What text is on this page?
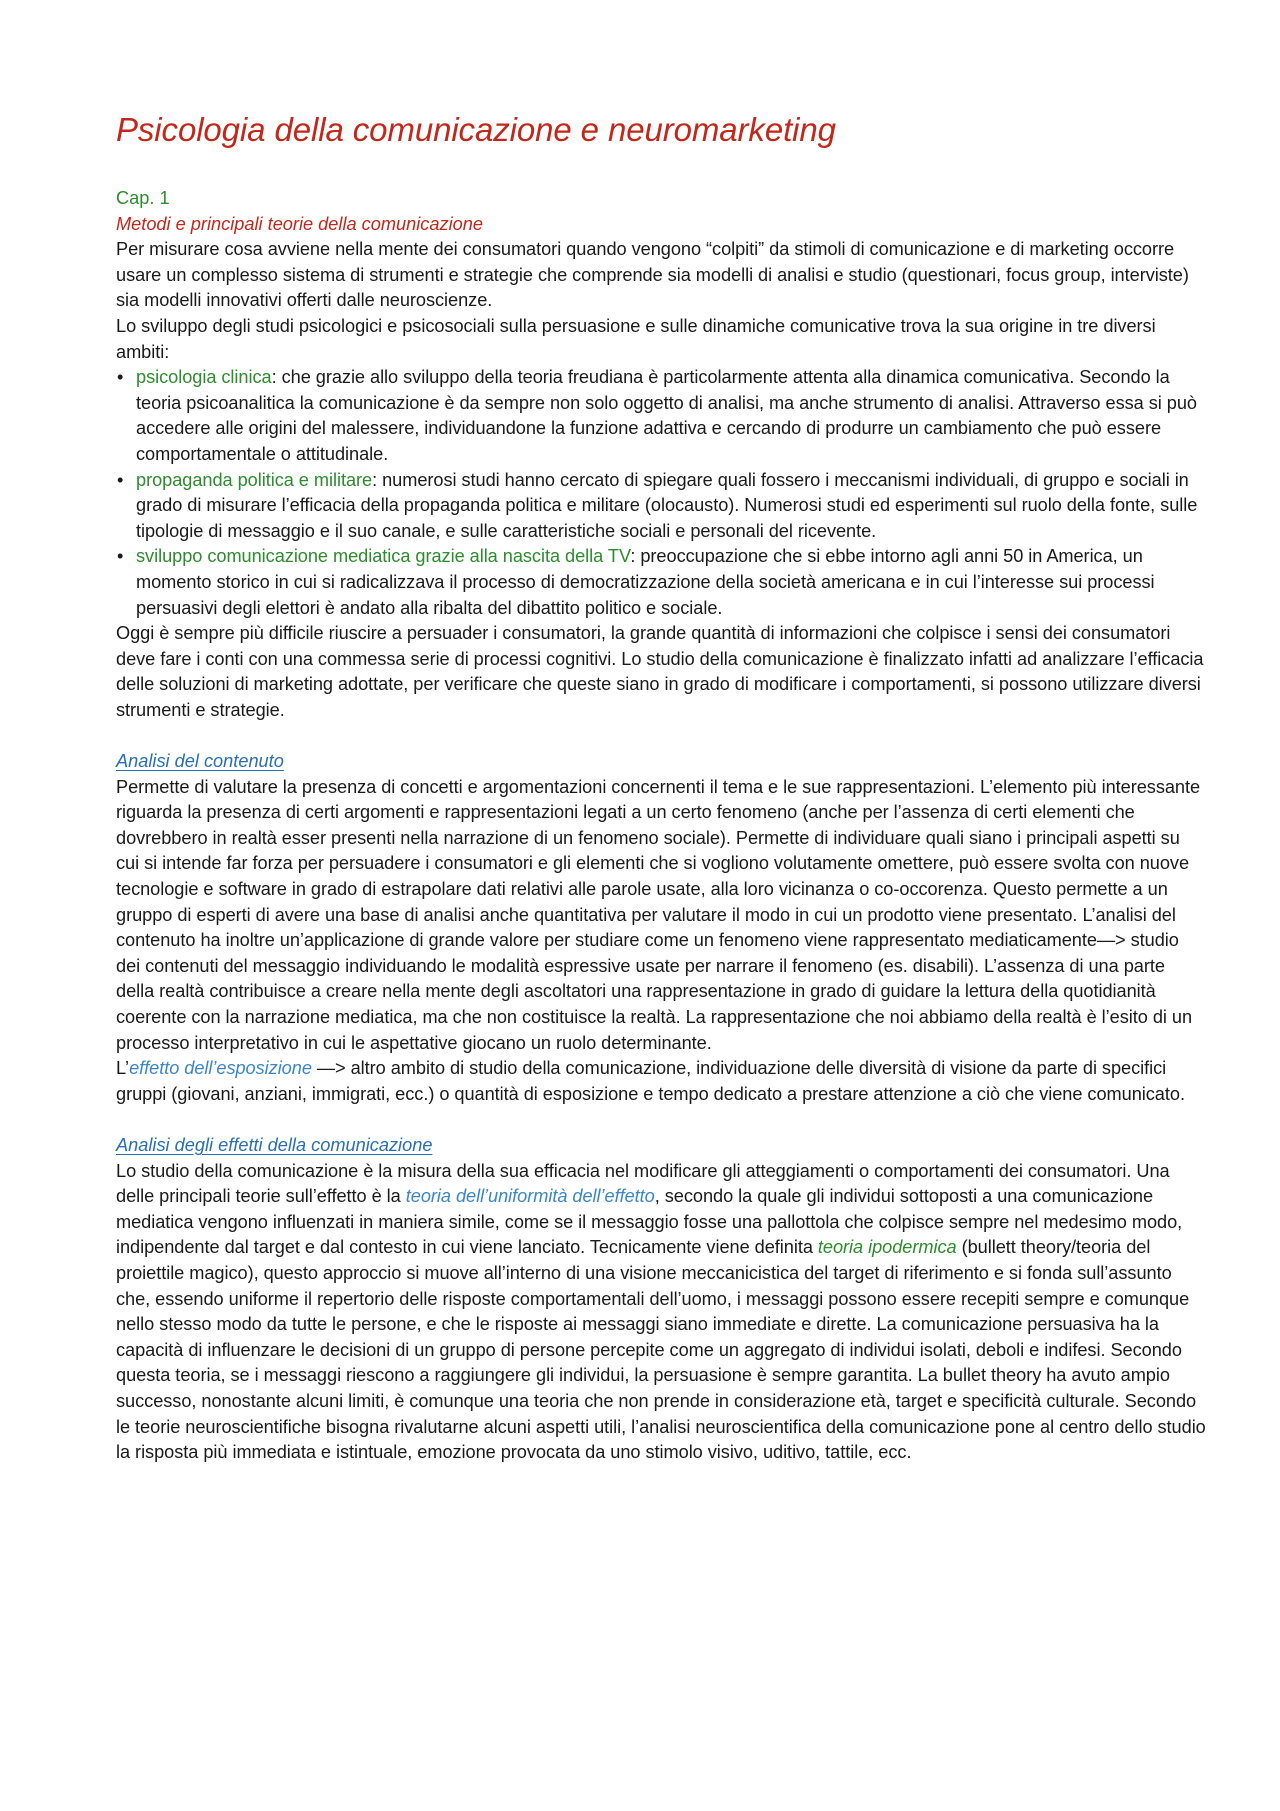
Psicologia della comunicazione e neuromarketing
Cap. 1
Metodi e principali teorie della comunicazione

Per misurare cosa avviene nella mente dei consumatori quando vengono “colpiti” da stimoli di comunicazione e di marketing occorre usare un complesso sistema di strumenti e strategie che comprende sia modelli di analisi e studio (questionari, focus group, interviste) sia modelli innovativi offerti dalle neuroscienze.

Lo sviluppo degli studi psicologici e psicosociali sulla persuasione e sulle dinamiche comunicative trova la sua origine in tre diversi ambiti:

• psicologia clinica: che grazie allo sviluppo della teoria freudiana è particolarmente attenta alla dinamica comunicativa. Secondo la teoria psicoanalitica la comunicazione è da sempre non solo oggetto di analisi, ma anche strumento di analisi. Attraverso essa si può accedere alle origini del malessere, individuandone la funzione adattiva e cercando di produrre un cambiamento che può essere comportamentale o attitudinale.
• propaganda politica e militare: numerosi studi hanno cercato di spiegare quali fossero i meccanismi individuali, di gruppo e sociali in grado di misurare l’efficacia della propaganda politica e militare (olocausto). Numerosi studi ed esperimenti sul ruolo della fonte, sulle tipologie di messaggio e il suo canale, e sulle caratteristiche sociali e personali del ricevente.
• sviluppo comunicazione mediatica grazie alla nascita della TV: preoccupazione che si ebbe intorno agli anni 50 in America, un momento storico in cui si radicalizzava il processo di democratizzazione della società americana e in cui l’interesse sui processi persuasivi degli elettori è andato alla ribalta del dibattito politico e sociale.

Oggi è sempre più difficile riuscire a persuader i consumatori, la grande quantità di informazioni che colpisce i sensi dei consumatori deve fare i conti con una commessa serie di processi cognitivi. Lo studio della comunicazione è finalizzato infatti ad analizzare l’efficacia delle soluzioni di marketing adottate, per verificare che queste siano in grado di modificare i comportamenti, si possono utilizzare diversi strumenti e strategie.

Analisi del contenuto

Permette di valutare la presenza di concetti e argomentazioni concernenti il tema e le sue rappresentazioni. L’elemento più interessante riguarda la presenza di certi argomenti e rappresentazioni legati a un certo fenomeno (anche per l’assenza di certi elementi che dovrebbero in realtà esser presenti nella narrazione di un fenomeno sociale). Permette di individuare quali siano i principali aspetti su cui si intende far forza per persuadere i consumatori e gli elementi che si vogliono volutamente omettere, può essere svolta con nuove tecnologie e software in grado di estrapolare dati relativi alle parole usate, alla loro vicinanza o co-occorenza. Questo permette a un gruppo di esperti di avere una base di analisi anche quantitativa per valutare il modo in cui un prodotto viene presentato. L’analisi del contenuto ha inoltre un’applicazione di grande valore per studiare come un fenomeno viene rappresentato mediaticamente—> studio dei contenuti del messaggio individuando le modalità espressive usate per narrare il fenomeno (es. disabili). L’assenza di una parte della realtà contribuisce a creare nella mente degli ascoltatori una rappresentazione in grado di guidare la lettura della quotidianità coerente con la narrazione mediatica, ma che non costituisce la realtà. La rappresentazione che noi abbiamo della realtà è l’esito di un processo interpretativo in cui le aspettative giocano un ruolo determinante.

L’effetto dell’esposizione —> altro ambito di studio della comunicazione, individuazione delle diversità di visione da parte di specifici gruppi (giovani, anziani, immigrati, ecc.) o quantità di esposizione e tempo dedicato a prestare attenzione a ciò che viene comunicato.

Analisi degli effetti della comunicazione

Lo studio della comunicazione è la misura della sua efficacia nel modificare gli atteggiamenti o comportamenti dei consumatori. Una delle principali teorie sull’effetto è la teoria dell’uniformità dell’effetto, secondo la quale gli individui sottoposti a una comunicazione mediatica vengono influenzati in maniera simile, come se il messaggio fosse una pallottola che colpisce sempre nel medesimo modo, indipendente dal target e dal contesto in cui viene lanciato. Tecnicamente viene definita teoria ipodermica (bullett theory/teoria del proiettile magico), questo approccio si muove all’interno di una visione meccanicistica del target di riferimento e si fonda sull’assunto che, essendo uniforme il repertorio delle risposte comportamentali dell’uomo, i messaggi possono essere recepiti sempre e comunque nello stesso modo da tutte le persone, e che le risposte ai messaggi siano immediate e dirette. La comunicazione persuasiva ha la capacità di influenzare le decisioni di un gruppo di persone percepite come un aggregato di individui isolati, deboli e indifesi. Secondo questa teoria, se i messaggi riescono a raggiungere gli individui, la persuasione è sempre garantita. La bullet theory ha avuto ampio successo, nonostante alcuni limiti, è comunque una teoria che non prende in considerazione età, target e specificità culturale. Secondo le teorie neuroscientifiche bisogna rivalutarne alcuni aspetti utili, l’analisi neuroscientifica della comunicazione pone al centro dello studio la risposta più immediata e istintuale, emozione provocata da uno stimolo visivo, uditivo, tattile, ecc.
